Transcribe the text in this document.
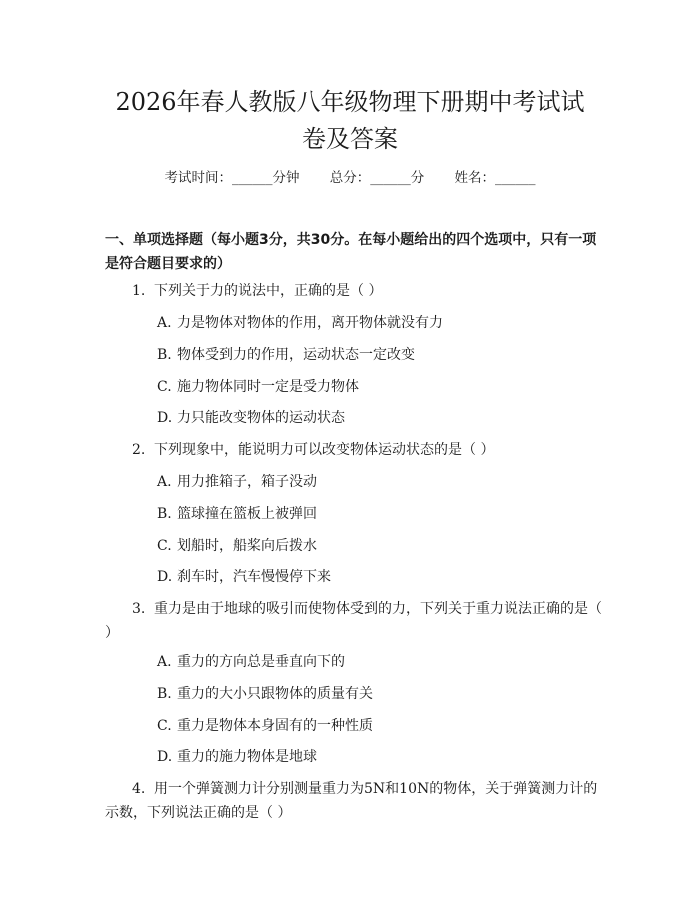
2026年春人教版八年级物理下册期中考试试
卷及答案
考试时间：______分钟 总分：______分 姓名：______
一、单项选择题（每小题3分，共30分。在每小题给出的四个选项中，只有一项是符合题目要求的）
1. 下列关于力的说法中，正确的是（ ）
A. 力是物体对物体的作用，离开物体就没有力
B. 物体受到力的作用，运动状态一定改变
C. 施力物体同时一定是受力物体
D. 力只能改变物体的运动状态
2. 下列现象中，能说明力可以改变物体运动状态的是（ ）
A. 用力推箱子，箱子没动
B. 篮球撞在篮板上被弹回
C. 划船时，船桨向后拨水
D. 刹车时，汽车慢慢停下来
3. 重力是由于地球的吸引而使物体受到的力，下列关于重力说法正确的是（ ）
A. 重力的方向总是垂直向下的
B. 重力的大小只跟物体的质量有关
C. 重力是物体本身固有的一种性质
D. 重力的施力物体是地球
4. 用一个弹簧测力计分别测量重力为5N和10N的物体，关于弹簧测力计的示数，下列说法正确的是（ ）
